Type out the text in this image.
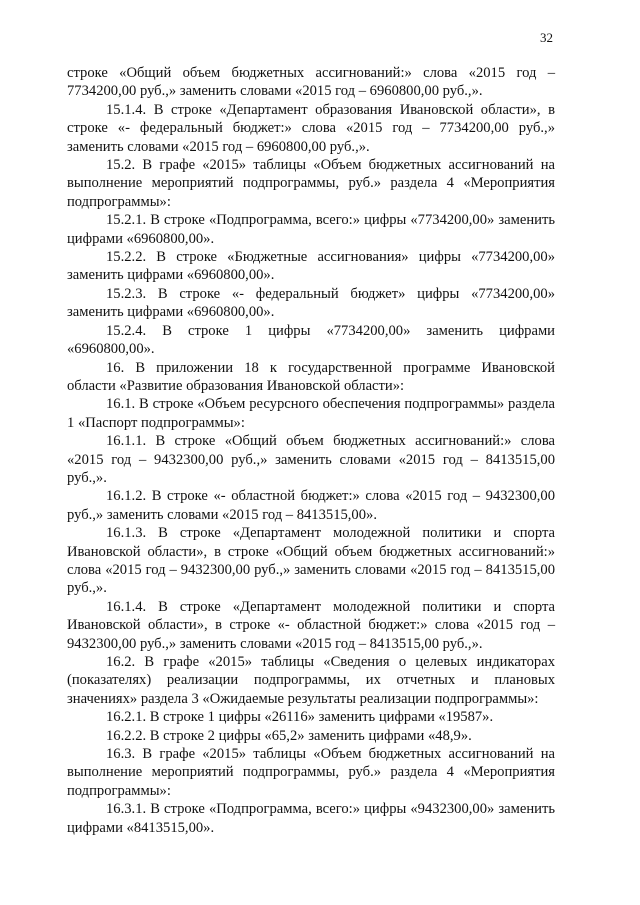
32

строке «Общий объем бюджетных ассигнований:» слова «2015 год – 7734200,00 руб.,» заменить словами «2015 год – 6960800,00 руб.,».

15.1.4. В строке «Департамент образования Ивановской области», в строке «- федеральный бюджет:» слова «2015 год – 7734200,00 руб.,» заменить словами «2015 год – 6960800,00 руб.,».

15.2. В графе «2015» таблицы «Объем бюджетных ассигнований на выполнение мероприятий подпрограммы, руб.» раздела 4 «Мероприятия подпрограммы»:

15.2.1. В строке «Подпрограмма, всего:» цифры «7734200,00» заменить цифрами «6960800,00».

15.2.2. В строке «Бюджетные ассигнования» цифры «7734200,00» заменить цифрами «6960800,00».

15.2.3. В строке «- федеральный бюджет» цифры «7734200,00» заменить цифрами «6960800,00».

15.2.4. В строке 1 цифры «7734200,00» заменить цифрами «6960800,00».

16. В приложении 18 к государственной программе Ивановской области «Развитие образования Ивановской области»:

16.1. В строке «Объем ресурсного обеспечения подпрограммы» раздела 1 «Паспорт подпрограммы»:

16.1.1. В строке «Общий объем бюджетных ассигнований:» слова «2015 год – 9432300,00 руб.,» заменить словами «2015 год – 8413515,00 руб.,».

16.1.2. В строке «- областной бюджет:» слова «2015 год – 9432300,00 руб.,» заменить словами «2015 год – 8413515,00».

16.1.3. В строке «Департамент молодежной политики и спорта Ивановской области», в строке «Общий объем бюджетных ассигнований:» слова «2015 год – 9432300,00 руб.,» заменить словами «2015 год – 8413515,00 руб.,».

16.1.4. В строке «Департамент молодежной политики и спорта Ивановской области», в строке «- областной бюджет:» слова «2015 год – 9432300,00 руб.,» заменить словами «2015 год – 8413515,00 руб.,».

16.2. В графе «2015» таблицы «Сведения о целевых индикаторах (показателях) реализации подпрограммы, их отчетных и плановых значениях» раздела 3 «Ожидаемые результаты реализации подпрограммы»:

16.2.1. В строке 1 цифры «26116» заменить цифрами «19587».

16.2.2. В строке 2 цифры «65,2» заменить цифрами «48,9».

16.3. В графе «2015» таблицы «Объем бюджетных ассигнований на выполнение мероприятий подпрограммы, руб.» раздела 4 «Мероприятия подпрограммы»:

16.3.1. В строке «Подпрограмма, всего:» цифры «9432300,00» заменить цифрами «8413515,00».
